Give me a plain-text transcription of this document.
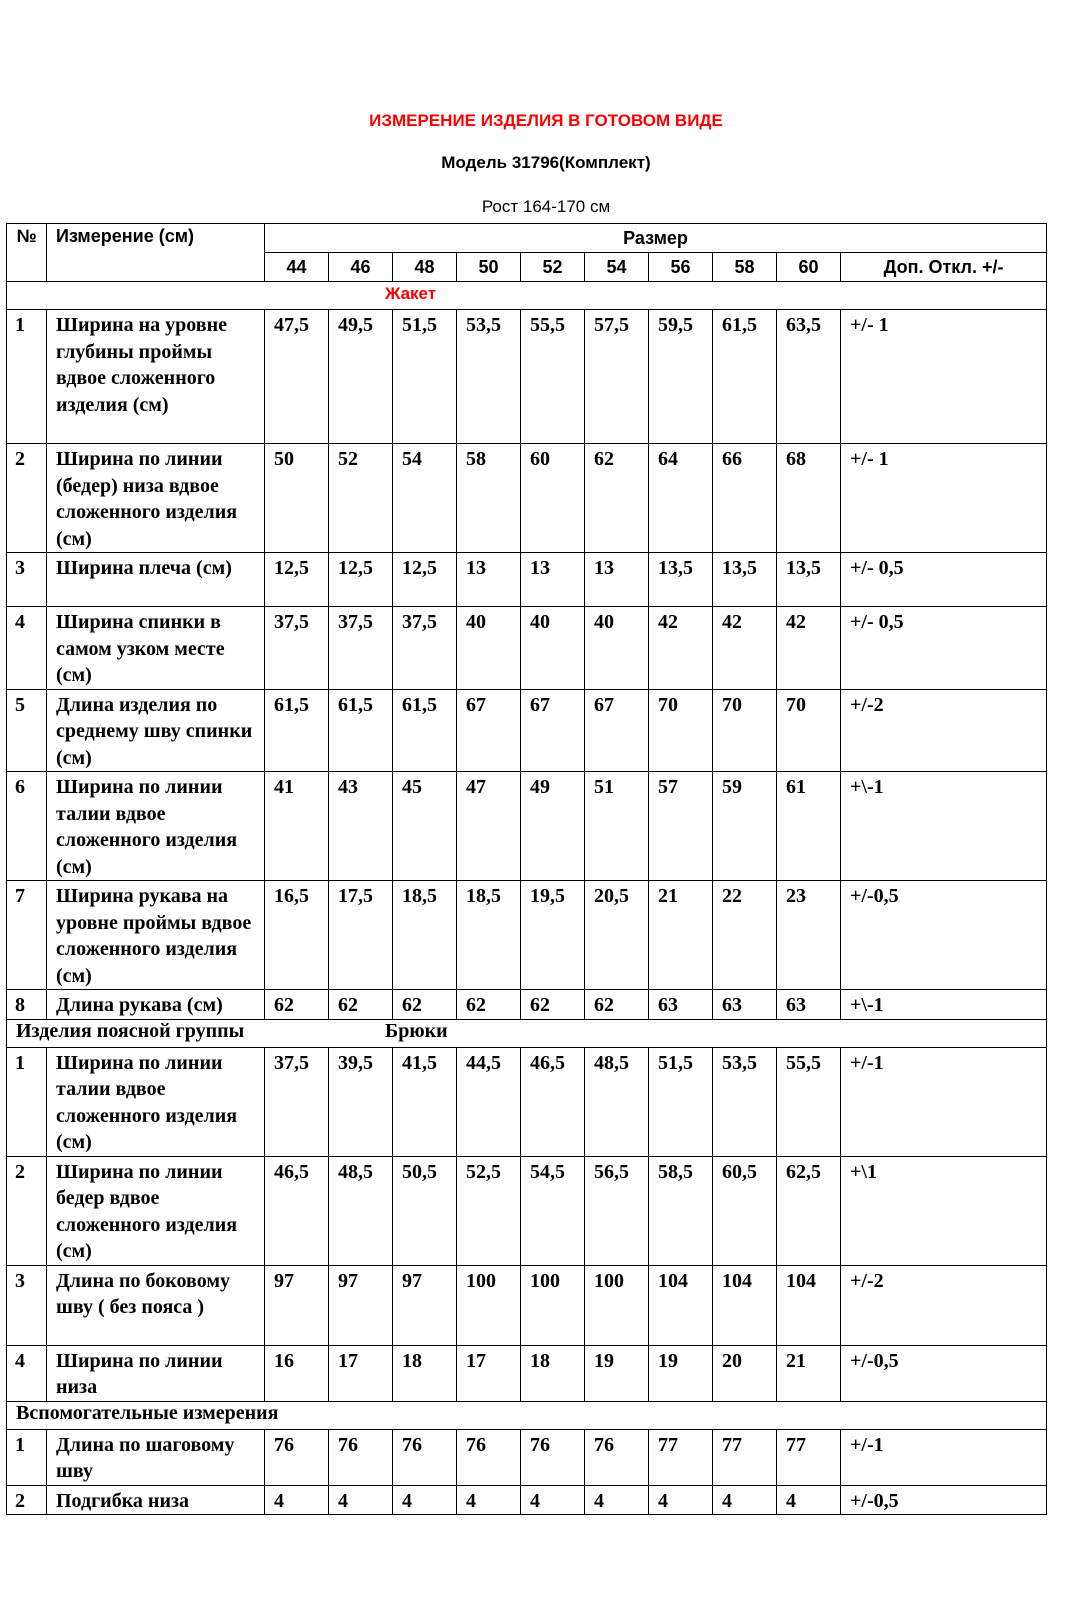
ИЗМЕРЕНИЕ ИЗДЕЛИЯ В ГОТОВОМ ВИДЕ
Модель 31796(Комплект)
Рост 164-170 см
№	Измерение (см)	Размер									
		44	46	48	50	52	54	56	58	60	Доп. Откл. +/-
Жакет											
1	Ширина на уровне глубины проймы вдвое сложенного изделия (см)	47,5	49,5	51,5	53,5	55,5	57,5	59,5	61,5	63,5	+/- 1
2	Ширина по линии (бедер) низа вдвое сложенного изделия (см)	50	52	54	58	60	62	64	66	68	+/- 1
3	Ширина плеча (см)	12,5	12,5	12,5	13	13	13	13,5	13,5	13,5	+/- 0,5
4	Ширина спинки в самом узком месте (см)	37,5	37,5	37,5	40	40	40	42	42	42	+/- 0,5
5	Длина изделия по среднему шву спинки (см)	61,5	61,5	61,5	67	67	67	70	70	70	+/-2
6	Ширина по линии талии вдвое сложенного изделия (см)	41	43	45	47	49	51	57	59	61	+\-1
7	Ширина рукава на уровне проймы вдвое сложенного изделия (см)	16,5	17,5	18,5	18,5	19,5	20,5	21	22	23	+/-0,5
8	Длина рукава (см)	62	62	62	62	62	62	63	63	63	+\-1
Изделия поясной группы Брюки											
1	Ширина по линии талии вдвое сложенного изделия (см)	37,5	39,5	41,5	44,5	46,5	48,5	51,5	53,5	55,5	+/-1
2	Ширина по линии бедер вдвое сложенного изделия (см)	46,5	48,5	50,5	52,5	54,5	56,5	58,5	60,5	62,5	+\1
3	Длина по боковому шву ( без пояса )	97	97	97	100	100	100	104	104	104	+/-2
4	Ширина по линии низа	16	17	18	17	18	19	19	20	21	+/-0,5
Вспомогательные измерения											
1	Длина по шаговому шву	76	76	76	76	76	76	77	77	77	+/-1
2	Подгибка низа	4	4	4	4	4	4	4	4	4	+/-0,5
